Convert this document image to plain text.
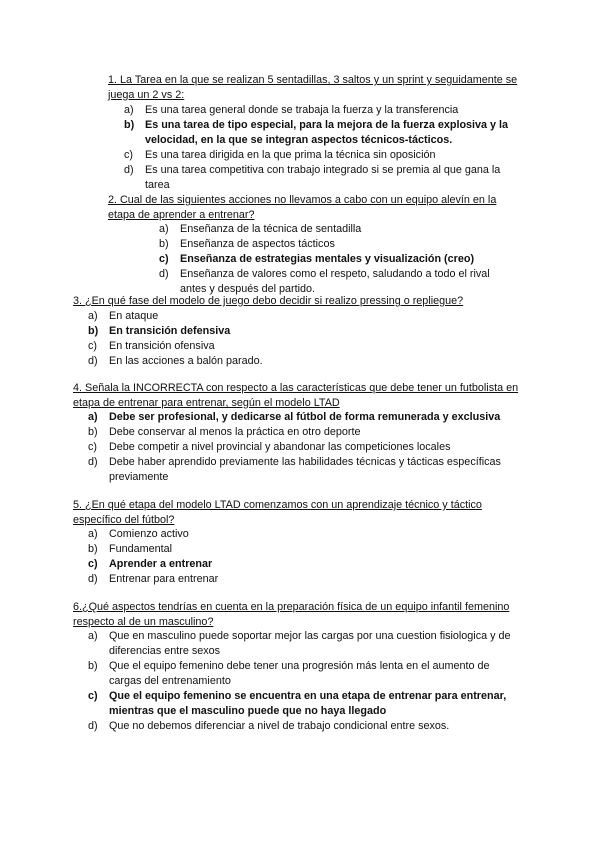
1. La Tarea en la que se realizan 5 sentadillas, 3 saltos y un sprint y seguidamente se juega un 2 vs 2:

a) Es una tarea general donde se trabaja la fuerza y la transferencia
b) Es una tarea de tipo especial, para la mejora de la fuerza explosiva y la velocidad, en la que se integran aspectos técnicos-tácticos.
c) Es una tarea dirigida en la que prima la técnica sin oposición
d) Es una tarea competitiva con trabajo integrado si se premia al que gana la tarea

2. Cual de las siguientes acciones no llevamos a cabo con un equipo alevín en la etapa de aprender a entrenar?

a) Enseñanza de la técnica de sentadilla
b) Enseñanza de aspectos tácticos
c) Enseñanza de estrategias mentales y visualización (creo)
d) Enseñanza de valores como el respeto, saludando a todo el rival antes y después del partido.

3. ¿En qué fase del modelo de juego debo decidir si realizo pressing o repliegue?

a) En ataque
b) En transición defensiva
c) En transición ofensiva
d) En las acciones a balón parado.

4. Señala la INCORRECTA con respecto a las características que debe tener un futbolista en etapa de entrenar para entrenar, según el modelo LTAD

a) Debe ser profesional, y dedicarse al fútbol de forma remunerada y exclusiva
b) Debe conservar al menos la práctica en otro deporte
c) Debe competir a nivel provincial y abandonar las competiciones locales
d) Debe haber aprendido previamente las habilidades técnicas y tácticas específicas previamente

5. ¿En qué etapa del modelo LTAD comenzamos con un aprendizaje técnico y táctico específico del fútbol?

a) Comienzo activo
b) Fundamental
c) Aprender a entrenar
d) Entrenar para entrenar

6.¿Qué aspectos tendrías en cuenta en la preparación física de un equipo infantil femenino respecto al de un masculino?

a) Que en masculino puede soportar mejor las cargas por una cuestion fisiologica y de diferencias entre sexos
b) Que el equipo femenino debe tener una progresión más lenta en el aumento de cargas del entrenamiento
c) Que el equipo femenino se encuentra en una etapa de entrenar para entrenar, mientras que el masculino puede que no haya llegado
d) Que no debemos diferenciar a nivel de trabajo condicional entre sexos.
